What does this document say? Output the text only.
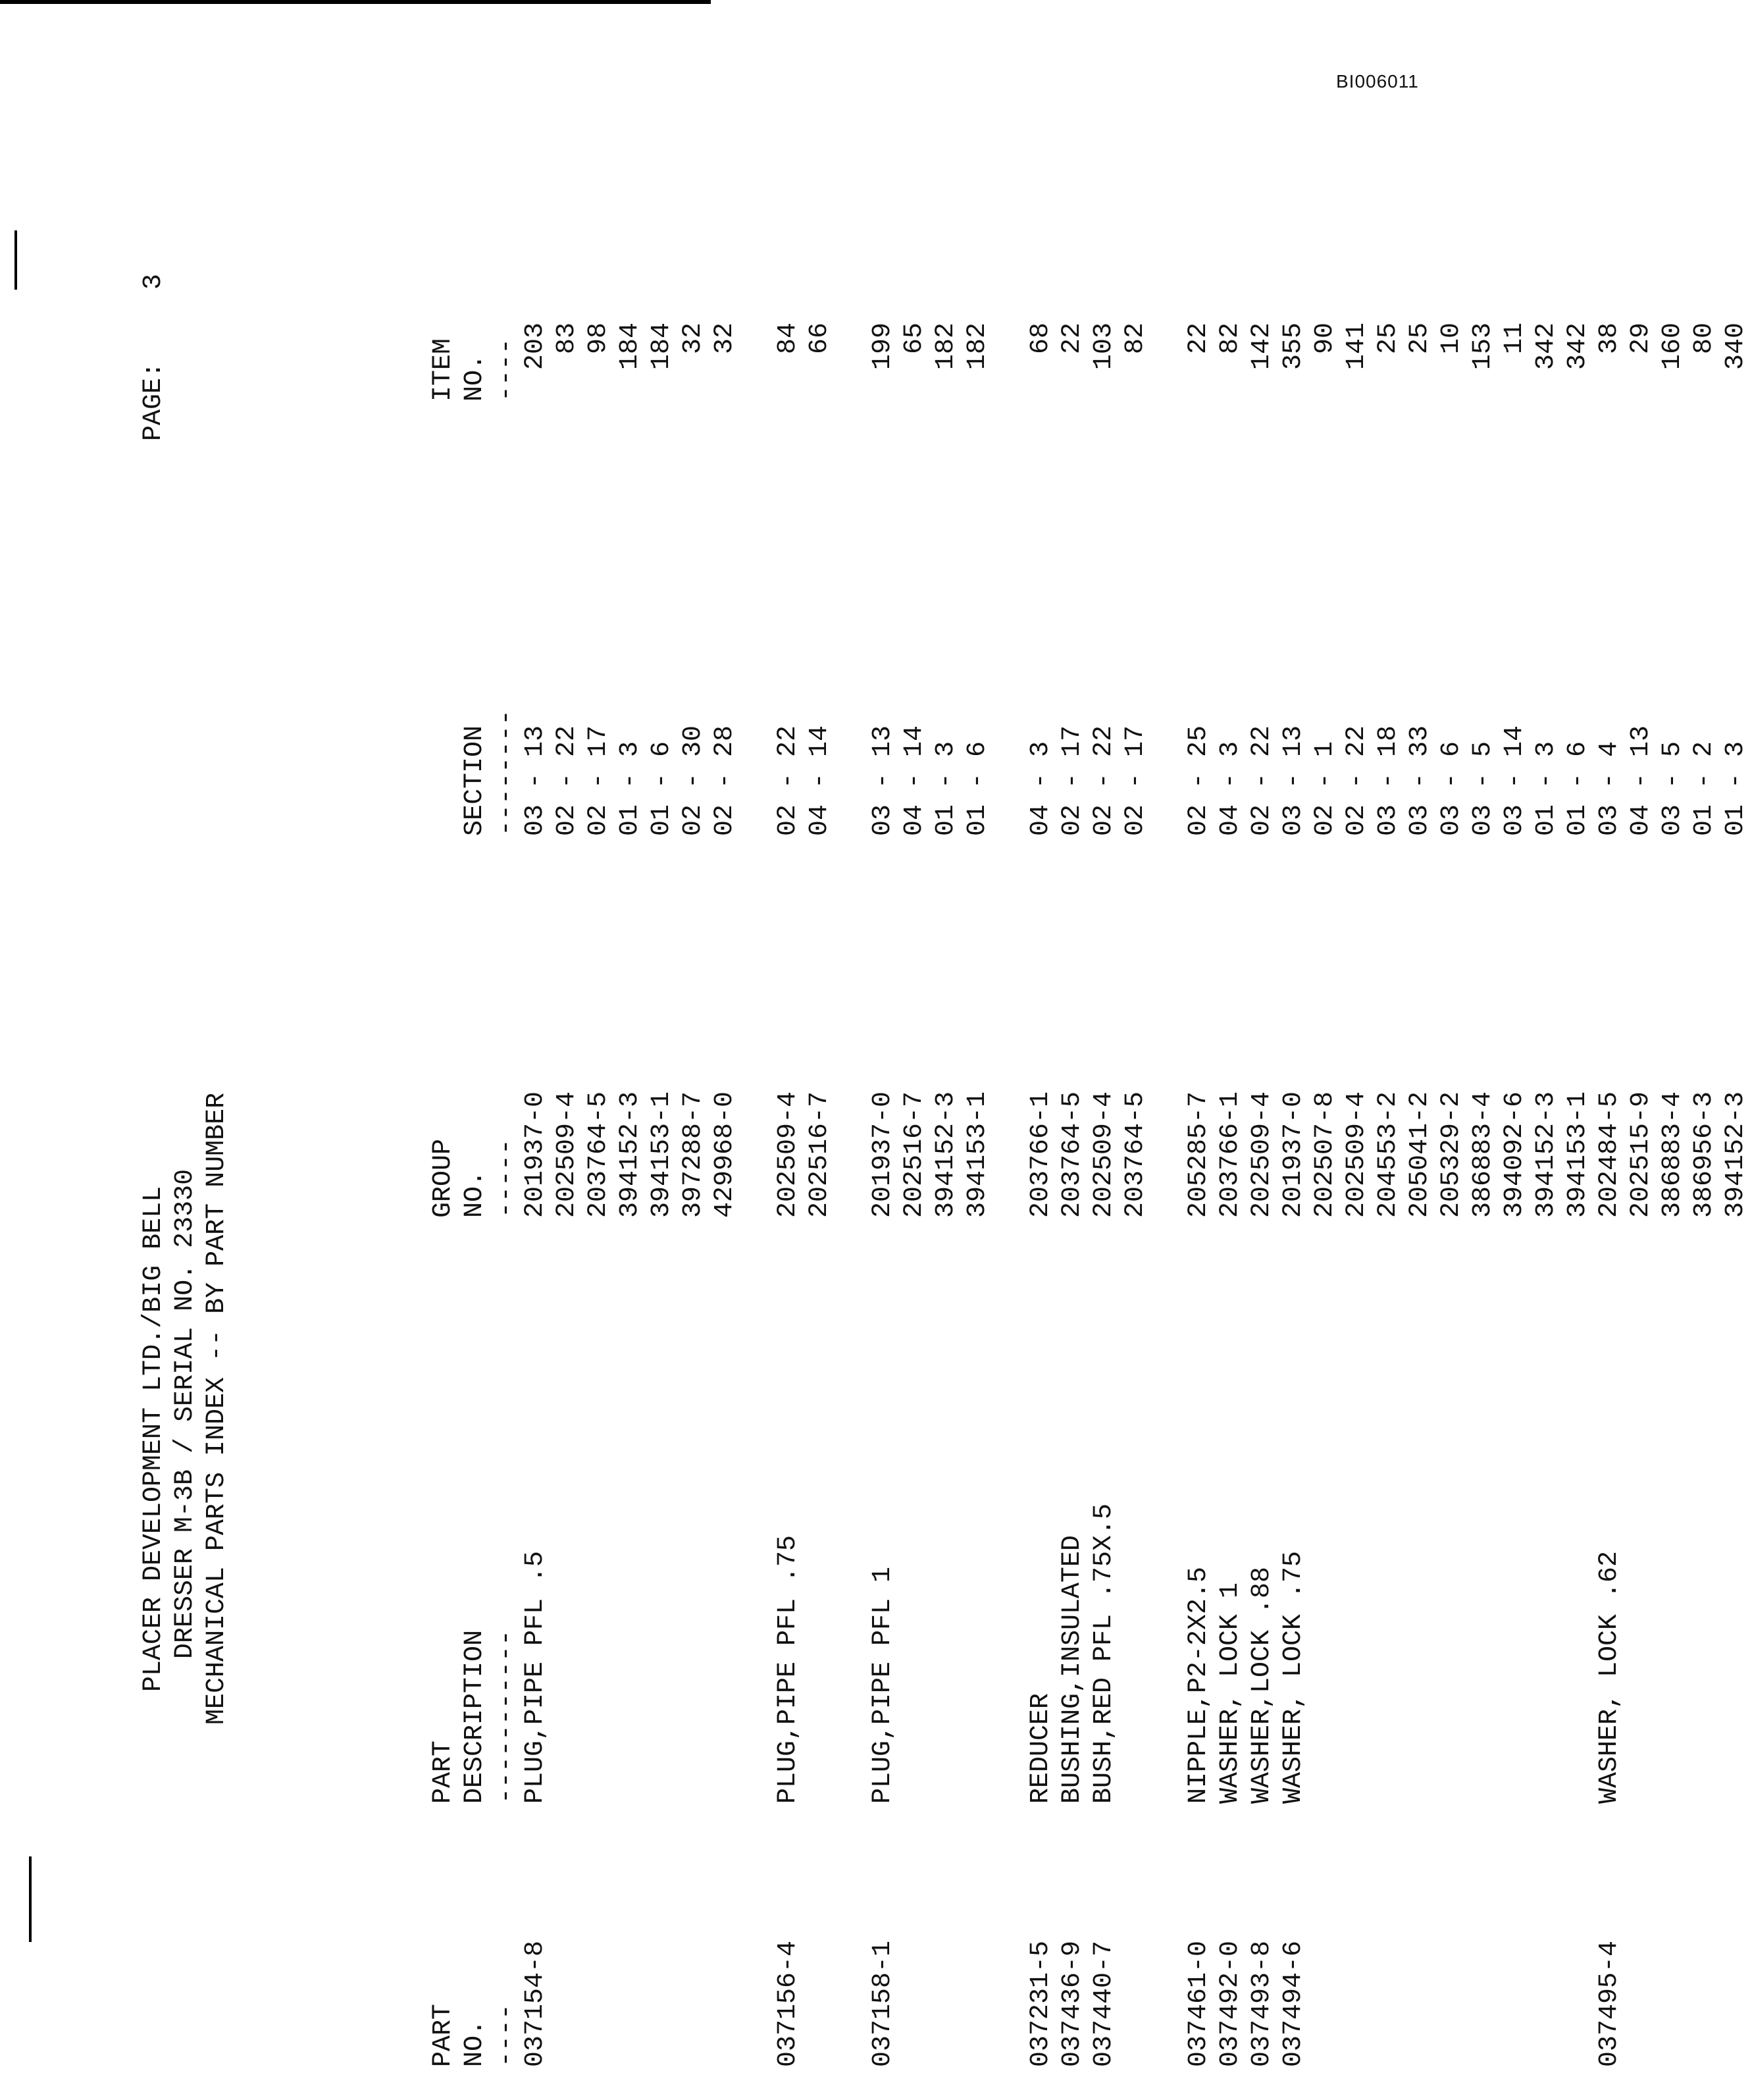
BI006011

PLACER DEVELOPMENT LTD./BIG BELL

DRESSER M-3B / SERIAL NO. 23330

MECHANICAL PARTS INDEX -- BY PART NUMBER

PAGE:3

PART

NO.

----

PART

DESCRIPTION

-----------

GROUP

NO.

-----

SECTION

--------

ITEM

NO.

----

037154-8
PLUG,PIPE PFL .5
201937-0
03 - 13
203
202509-4
02 - 22
83
203764-5
02 - 17
98
394152-3
01 - 3
184
394153-1
01 - 6
184
397288-7
02 - 30
32
429968-0
02 - 28
32
037156-4
PLUG,PIPE PFL .75
202509-4
02 - 22
84
202516-7
04 - 14
66
037158-1
PLUG,PIPE PFL 1
201937-0
03 - 13
199
202516-7
04 - 14
65
394152-3
01 - 3
182
394153-1
01 - 6
182
037231-5
REDUCER
203766-1
04 - 3
68
037436-9
BUSHING,INSULATED
203764-5
02 - 17
22
037440-7
BUSH,RED PFL .75X.5
202509-4
02 - 22
103
203764-5
02 - 17
82
037461-0
NIPPLE,P2-2X2.5
205285-7
02 - 25
22
037492-0
WASHER, LOCK 1
203766-1
04 - 3
82
037493-8
WASHER,LOCK .88
202509-4
02 - 22
142
037494-6
WASHER, LOCK .75
201937-0
03 - 13
355
202507-8
02 - 1
90
202509-4
02 - 22
141
204553-2
03 - 18
25
205041-2
03 - 33
25
205329-2
03 - 6
10
386883-4
03 - 5
153
394092-6
03 - 14
11
394152-3
01 - 3
342
394153-1
01 - 6
342
037495-4
WASHER, LOCK .62
202484-5
03 - 4
38
202515-9
04 - 13
29
386883-4
03 - 5
160
386956-3
01 - 2
80
394152-3
01 - 3
340
